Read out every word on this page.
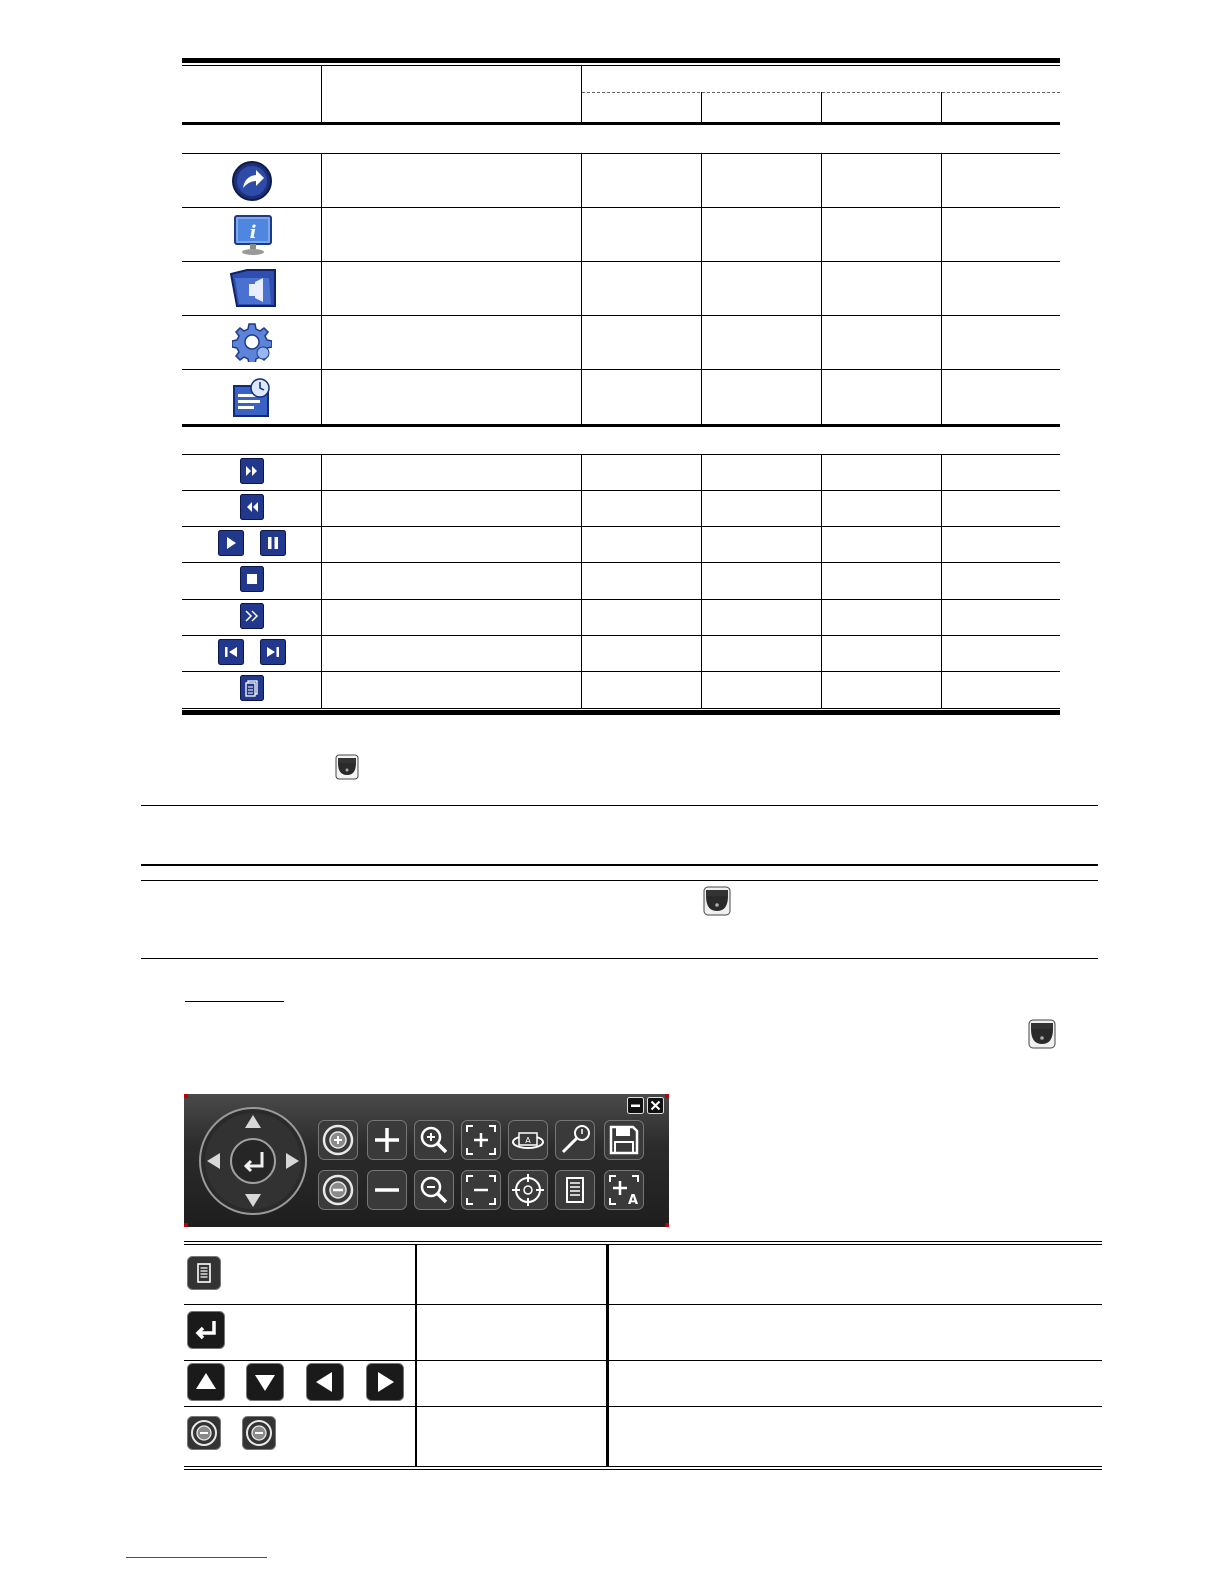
i
A
A
